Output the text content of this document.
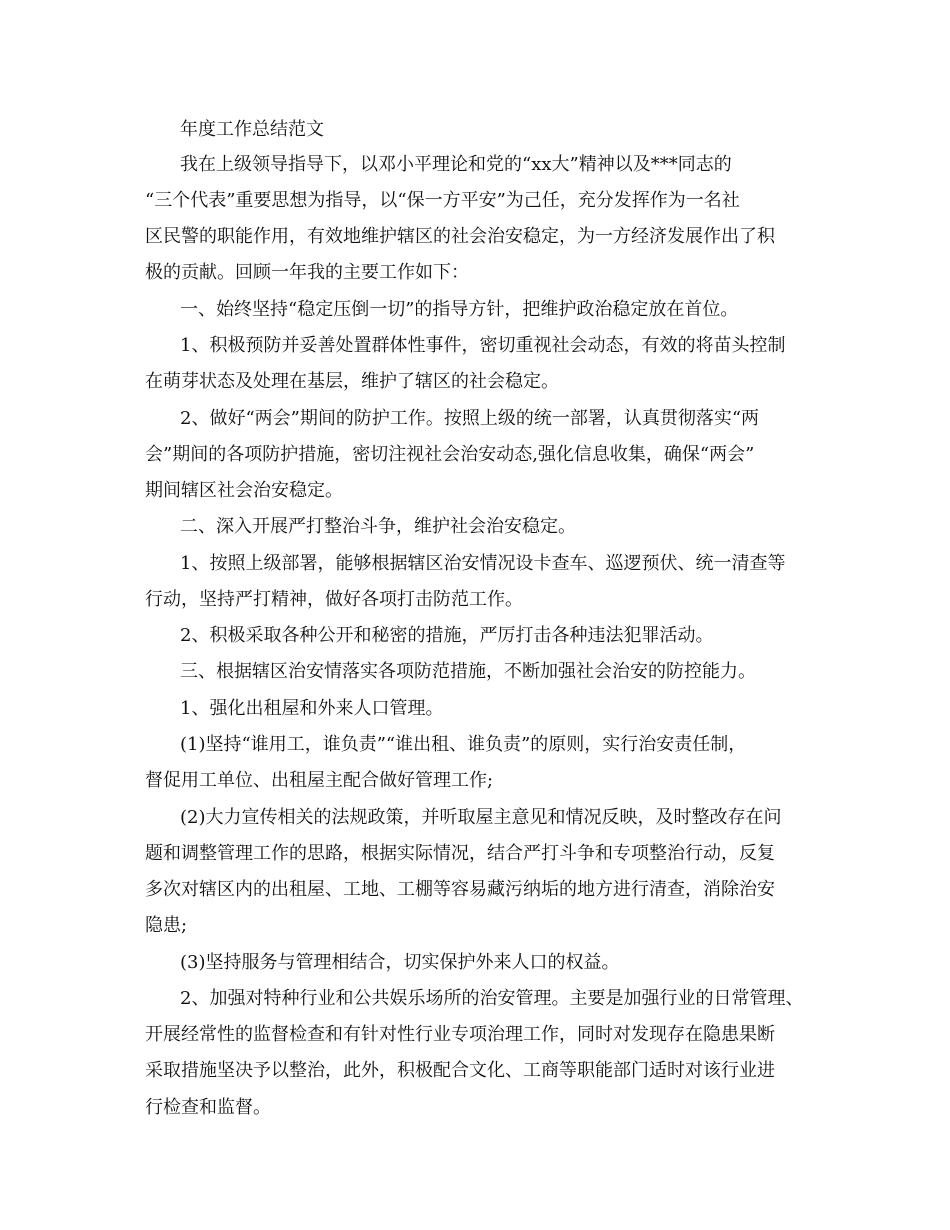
年度工作总结范文

我在上级领导指导下，以邓小平理论和党的“xx大”精神以及***同志的

“三个代表”重要思想为指导，以“保一方平安”为己任，充分发挥作为一名社

区民警的职能作用，有效地维护辖区的社会治安稳定，为一方经济发展作出了积

极的贡献。回顾一年我的主要工作如下：

一、始终坚持“稳定压倒一切”的指导方针，把维护政治稳定放在首位。

1、积极预防并妥善处置群体性事件，密切重视社会动态，有效的将苗头控制

在萌芽状态及处理在基层，维护了辖区的社会稳定。

2、做好“两会”期间的防护工作。按照上级的统一部署，认真贯彻落实“两

会”期间的各项防护措施，密切注视社会治安动态,强化信息收集，确保“两会”

期间辖区社会治安稳定。

二、深入开展严打整治斗争，维护社会治安稳定。

1、按照上级部署，能够根据辖区治安情况设卡查车、巡逻预伏、统一清查等

行动，坚持严打精神，做好各项打击防范工作。

2、积极采取各种公开和秘密的措施，严厉打击各种违法犯罪活动。

三、根据辖区治安情落实各项防范措施，不断加强社会治安的防控能力。

1、强化出租屋和外来人口管理。

(1)坚持“谁用工，谁负责”“谁出租、谁负责”的原则，实行治安责任制，

督促用工单位、出租屋主配合做好管理工作;

(2)大力宣传相关的法规政策，并听取屋主意见和情况反映，及时整改存在问

题和调整管理工作的思路，根据实际情况，结合严打斗争和专项整治行动，反复

多次对辖区内的出租屋、工地、工棚等容易藏污纳垢的地方进行清查，消除治安

隐患;

(3)坚持服务与管理相结合，切实保护外来人口的权益。

2、加强对特种行业和公共娱乐场所的治安管理。主要是加强行业的日常管理、

开展经常性的监督检查和有针对性行业专项治理工作，同时对发现存在隐患果断

采取措施坚决予以整治，此外，积极配合文化、工商等职能部门适时对该行业进

行检查和监督。
